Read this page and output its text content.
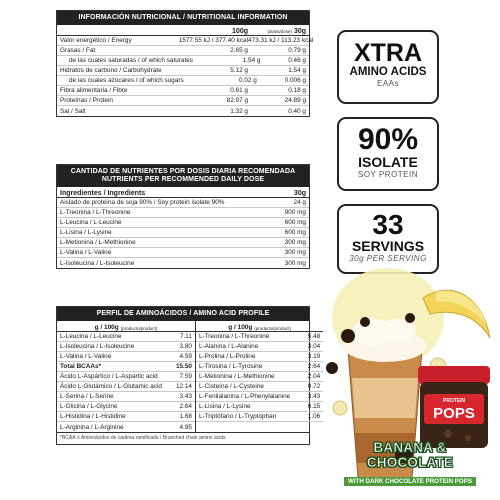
INFORMACIÓN NUTRICIONAL / NUTRITIONAL INFORMATION
100g	(dosis/dose) 30g
Valor energético / Energy	1577.55 kJ / 377.40 kcal 473.31 kJ / 113.23 kcal
Grasas / Fat	2.65 g	0.79 g
de las cuales saturadas / of which saturates	1.54 g	0.46 g
Hidratos de carbono / Carbohydrate	5.12 g	1.54 g
de las cuales azúcares / of which sugars	0.02 g	0.006 g
Fibra alimentaria / Fibre	0.61 g	0.18 g
Proteínas / Protein	82.97 g	24.89 g
Sal / Salt	1.32 g	0.40 g
CANTIDAD DE NUTRIENTES POR DOSIS DIARIA RECOMENDADA
NUTRIENTS PER RECOMMENDED DAILY DOSE
Ingredientes / Ingredients	30g
Aislado de proteína de soja 90% / Soy protein isolate 90%	24 g
L-Treonina / L-Threonine	900 mg
L-Leucina / L-Leucine	600 mg
L-Lisina / L-Lysine	600 mg
L-Metionina / L-Methionine	300 mg
L-Valina / L-Valine	300 mg
L-Isoleucina / L-Isoleucine	300 mg
PERFIL DE AMINOÁCIDOS / AMINO ACID PROFILE
g / 100g
(producto/product)
L-Leucina / L-Leucine	7.11
L-Isoleucina / L-Isoleucine	3.80
L-Valina / L-Valine	4.59
Total BCAAs*	15.50
Ácido L-Aspártico / L-Aspartic acid	7.59
Ácido L-Glutámico / L-Glutamic acid	12.14
L-Serina / L-Serine	3.43
L-Glicina / L-Glycine	2.64
L-Histidina / L-Histidine	1.68
L-Arginina / L-Arginine	4.95
g / 100g
(producto/product)
L-Treonina / L-Threonine	5.48
L-Alanina / L-Alanine	3.04
L-Prolina / L-Proline	3.19
L-Tirosina / L-Tyrosine	2.64
L-Metionina / L-Methionine	2.04
L-Cisteína / L-Cysteine	0.72
L-Fenilalanina / L-Phenylalanine	3.43
L-Lisina / L-Lysine	6.15
L-Triptófano / L-Tryptophan	1.06

*BCAA´s Aminoácidos de cadena ramificada / Branched chain amino acids
XTRA
AMINO ACIDS
EAAs
90%
ISOLATE
SOY PROTEIN
33
SERVINGS
30g PER SERVING
PROTEIN
POPS
BANANA & CHOCOLATE
WITH DARK CHOCOLATE PROTEIN POPS
